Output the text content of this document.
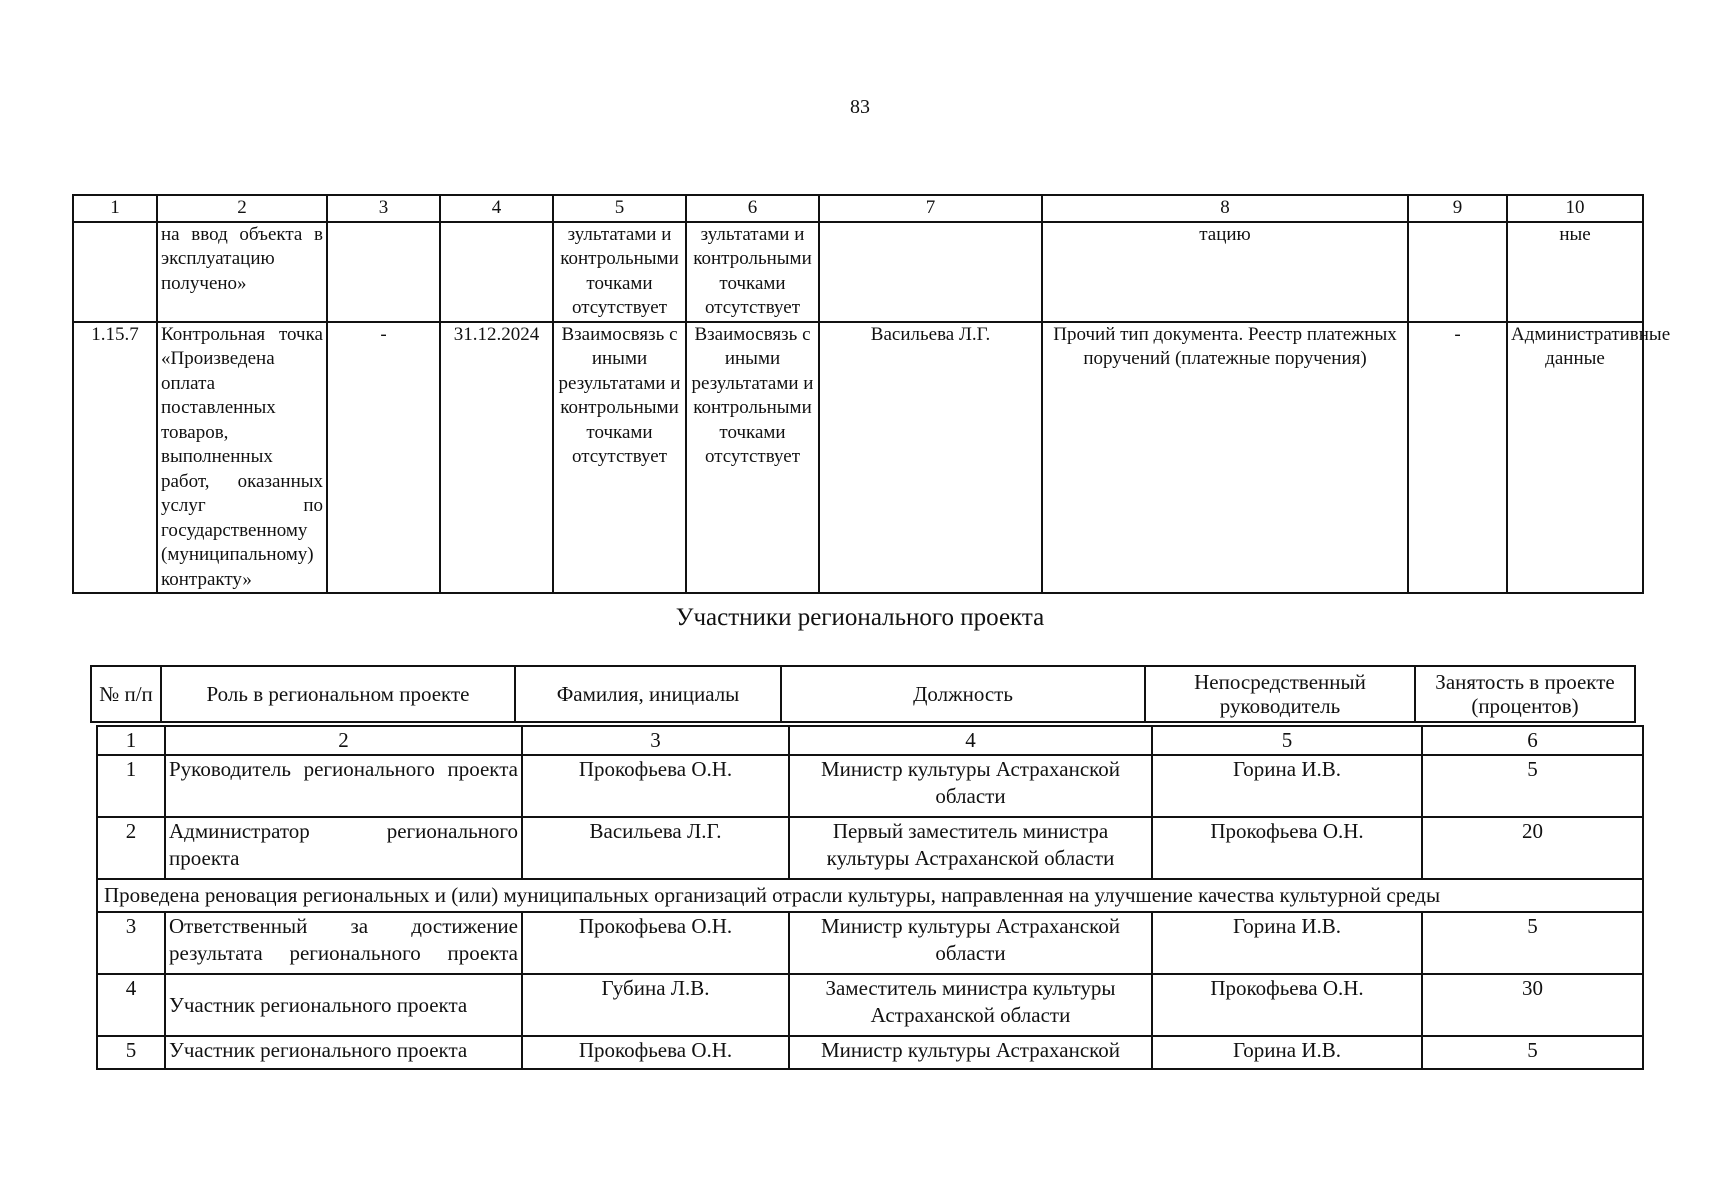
83
1	2	3	4	5	6	7	8	9	10
	на ввод объекта в эксплуатацию получено»			зультатами и контрольными точками отсутствует	зультатами и контрольными точками отсутствует		тацию		ные
1.15.7	Контрольная точка «Произведена оплата поставленных товаров, выполненных работ, оказанных услуг по государственному (муниципальному) контракту»	-	31.12.2024	Взаимосвязь с иными результатами и контрольными точками отсутствует	Взаимосвязь с иными результатами и контрольными точками отсутствует	Васильева Л.Г.	Прочий тип документа. Реестр платежных поручений (платежные поручения)	-	Административные данные
Участники регионального проекта
№ п/п	Роль в региональном проекте	Фамилия, инициалы	Должность	Непосредственный руководитель	Занятость в проекте (процентов)
1	2	3	4	5	6
1	Руководитель регионального проекта	Прокофьева О.Н.	Министр культуры Астраханской области	Горина И.В.	5
2	Администратор регионального проекта	Васильева Л.Г.	Первый заместитель министра культуры Астраханской области	Прокофьева О.Н.	20
Проведена реновация региональных и (или) муниципальных организаций отрасли культуры, направленная на улучшение качества культурной среды					
3	Ответственный за достижение результата регионального проекта	Прокофьева О.Н.	Министр культуры Астраханской области	Горина И.В.	5
4	Участник регионального проекта	Губина Л.В.	Заместитель министра культуры Астраханской области	Прокофьева О.Н.	30
5	Участник регионального проекта	Прокофьева О.Н.	Министр культуры Астраханской	Горина И.В.	5
